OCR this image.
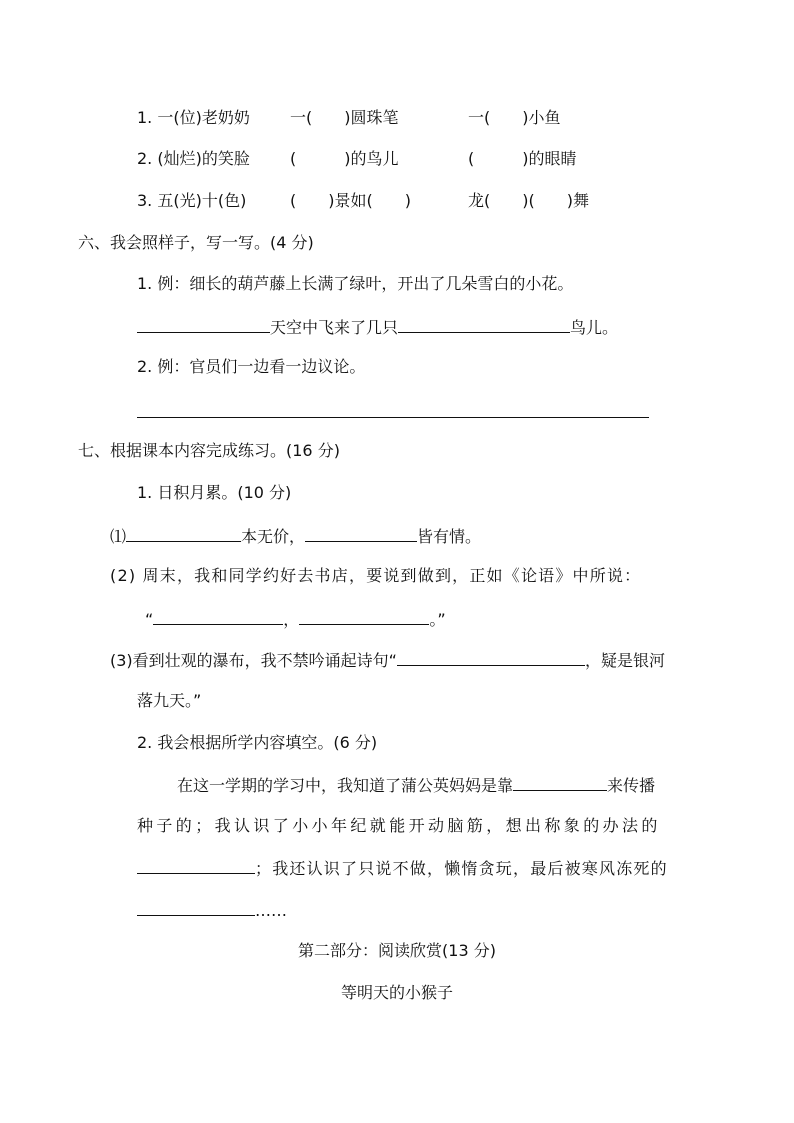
1. 一(位)老奶奶	一(　　)圆珠笔	一(　　)小鱼
2. (灿烂)的笑脸	(　　　)的鸟儿	(　　　)的眼睛
3. 五(光)十(色)	(　　)景如(　　)	龙(　　)(　　)舞
六、我会照样子，写一写。(4 分)
1. 例：细长的葫芦藤上长满了绿叶，开出了几朵雪白的小花。
天空中飞来了几只	鸟儿。
2. 例：官员们一边看一边议论。
七、根据课本内容完成练习。(16 分)
1. 日积月累。(10 分)
⑴	本无价，	皆有情。
(2) 周末，我和同学约好去书店，要说到做到，正如《论语》中所说：
“	，	。”
(3)看到壮观的瀑布，我不禁吟诵起诗句“	，疑是银河
落九天。”
2. 我会根据所学内容填空。(6 分)
在这一学期的学习中，我知道了蒲公英妈妈是靠	来传播
种子的；我认识了小小年纪就能开动脑筋，想出称象的办法的
；我还认识了只说不做，懒惰贪玩，最后被寒风冻死的
……
第二部分：阅读欣赏(13 分)
等明天的小猴子
